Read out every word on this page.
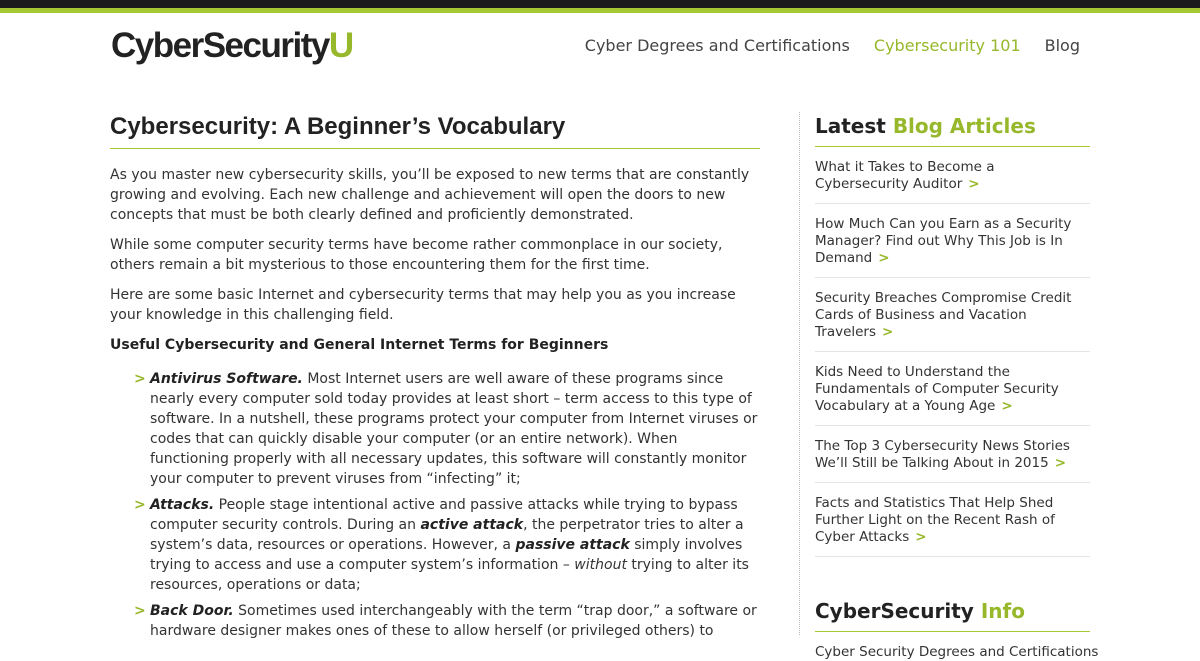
CyberSecurityU	Cyber Degrees and Certifications Cybersecurity 101 Blog
Cybersecurity: A Beginner’s Vocabulary

As you master new cybersecurity skills, you’ll be exposed to new terms that are constantly growing and evolving. Each new challenge and achievement will open the doors to new concepts that must be both clearly defined and proficiently demonstrated.

While some computer security terms have become rather commonplace in our society, others remain a bit mysterious to those encountering them for the first time.

Here are some basic Internet and cybersecurity terms that may help you as you increase your knowledge in this challenging field.

Useful Cybersecurity and General Internet Terms for Beginners

> Antivirus Software. Most Internet users are well aware of these programs since nearly every computer sold today provides at least short – term access to this type of software. In a nutshell, these programs protect your computer from Internet viruses or codes that can quickly disable your computer (or an entire network). When functioning properly with all necessary updates, this software will constantly monitor your computer to prevent viruses from “infecting” it;
> Attacks. People stage intentional active and passive attacks while trying to bypass computer security controls. During an active attack, the perpetrator tries to alter a system’s data, resources or operations. However, a passive attack simply involves trying to access and use a computer system’s information – without trying to alter its resources, operations or data;
> Back Door. Sometimes used interchangeably with the term “trap door,” a software or hardware designer makes ones of these to allow herself (or privileged others) to
Latest Blog Articles
What it Takes to Become a Cybersecurity Auditor >
How Much Can you Earn as a Security Manager? Find out Why This Job is In Demand >
Security Breaches Compromise Credit Cards of Business and Vacation Travelers >
Kids Need to Understand the Fundamentals of Computer Security Vocabulary at a Young Age >
The Top 3 Cybersecurity News Stories We’ll Still be Talking About in 2015 >
Facts and Statistics That Help Shed Further Light on the Recent Rash of Cyber Attacks >
CyberSecurity Info
Cyber Security Degrees and Certifications
